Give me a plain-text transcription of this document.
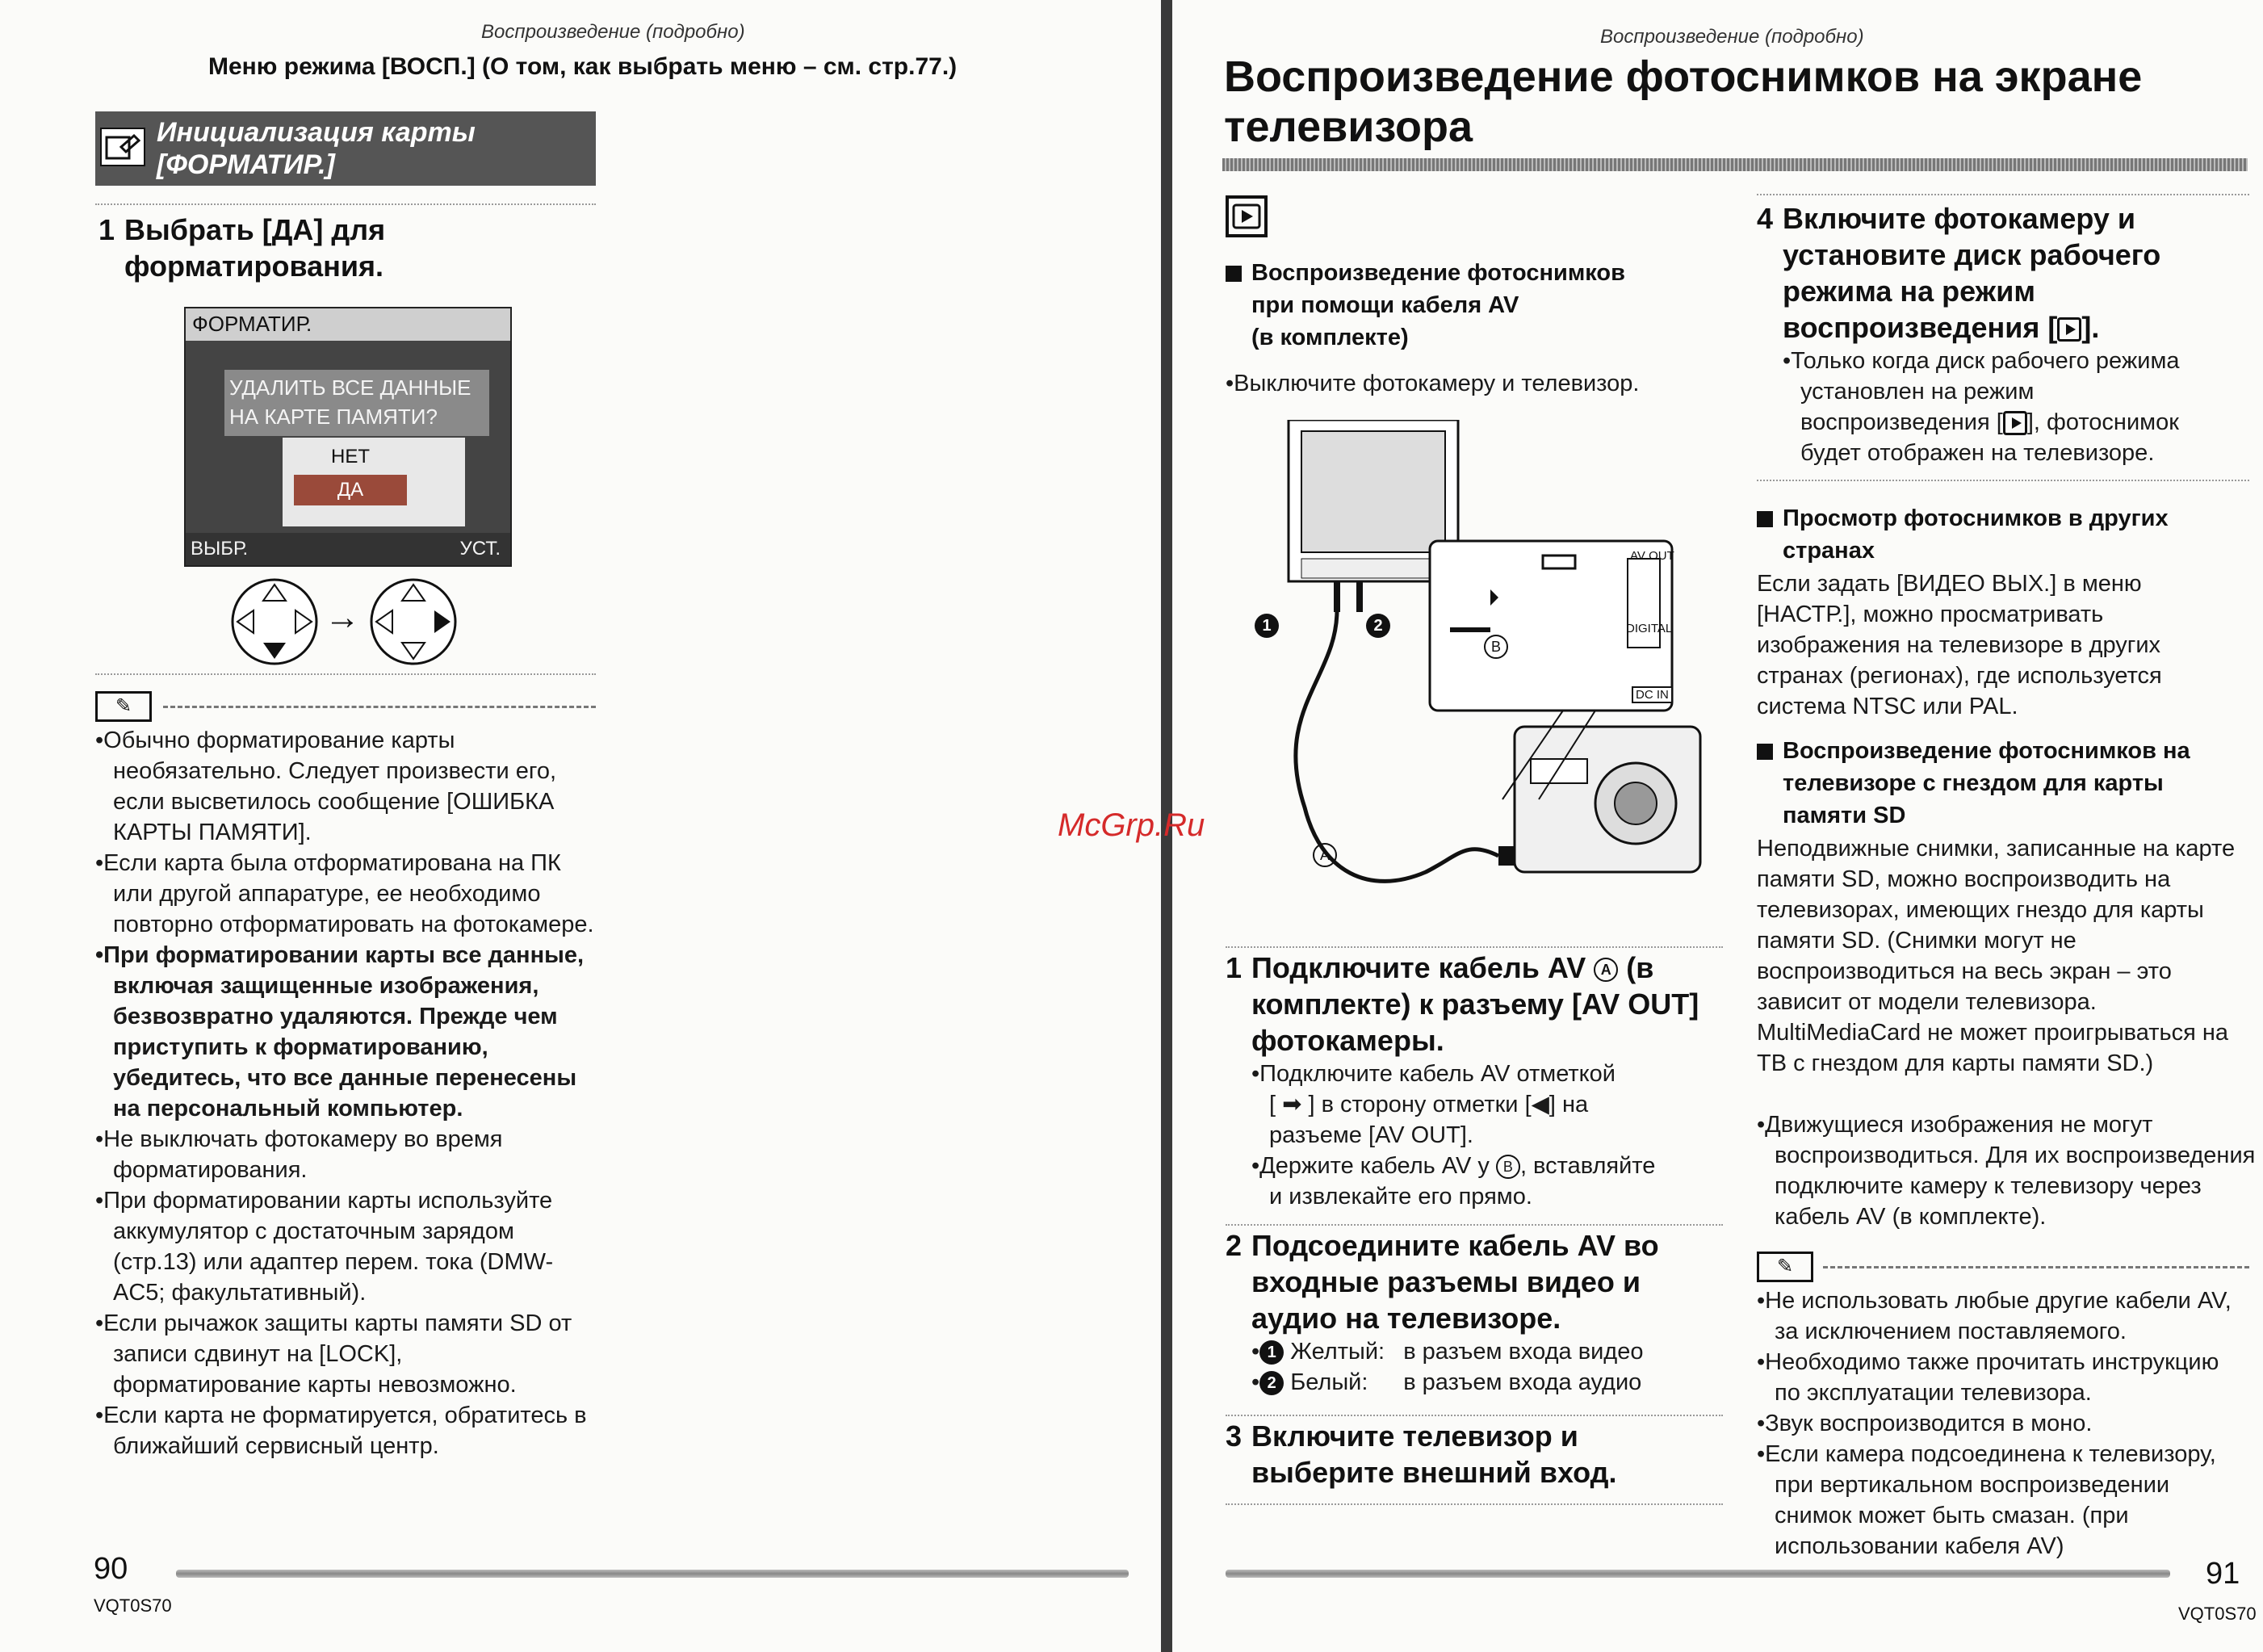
Воспроизведение (подробно)
Меню режима [ВОСП.] (О том, как выбрать меню – см. стр.77.)
Инициализация карты
[ФОРМАТИР.]
1 Выбрать [ДА] для
форматирования.
ФОРМАТИР.
УДАЛИТЬ ВСЕ ДАННЫЕ
НА КАРТЕ ПАМЯТИ?
НЕТ
ДА
ВЫБР.	УСТ.
→
✎

•Обычно форматирование карты необязательно. Следует произвести его, если высветилось сообщение [ОШИБКА КАРТЫ ПАМЯТИ].

•Если карта была отформатирована на ПК или другой аппаратуре, ее необходимо повторно отформатировать на фотокамере.

•При форматировании карты все данные, включая защищенные изображения, безвозвратно удаляются. Прежде чем приступить к форматированию, убедитесь, что все данные перенесены на персональный компьютер.

•Не выключать фотокамеру во время форматирования.

•При форматировании карты используйте аккумулятор с достаточным зарядом (стр.13) или адаптер перем. тока (DMW-AC5; факультативный).

•Если рычажок защиты карты памяти SD от записи сдвинут на [LOCK], форматирование карты невозможно.

•Если карта не форматируется, обратитесь в ближайший сервисный центр.

90
VQT0S70
Воспроизведение (подробно)
Воспроизведение фотоснимков на экране
телевизора
Воспроизведение фотоснимков
при помощи кабеля AV
(в комплекте)
•Выключите фотокамеру и телевизор.
1	2
B
A
AV OUT
DIGITAL
DC IN
1 Подключите кабель AV A (в
комплекте) к разъему [AV OUT]
фотокамеры.
•Подключите кабель AV отметкой
[ ➡ ] в сторону отметки [◀] на
разъеме [AV OUT].
•Держите кабель AV у B , вставляйте
и извлекайте его прямо.
2 Подсоедините кабель AV во
входные разъемы видео и
аудио на телевизоре.
• 1 Желтый: в разъем входа видео
• 2 Белый: в разъем входа аудио
3 Включите телевизор и
выберите внешний вход.
4 Включите фотокамеру и
установите диск рабочего
режима на режим
воспроизведения [ ].
•Только когда диск рабочего режима
установлен на режим
воспроизведения [ ], фотоснимок
будет отображен на телевизоре.
Просмотр фотоснимков в других
странах
Если задать [ВИДЕО ВЫХ.] в меню [НАСТР.], можно просматривать изображения на телевизоре в других странах (регионах), где используется система NTSC или PAL.
Воспроизведение фотоснимков на
телевизоре с гнездом для карты
памяти SD
Неподвижные снимки, записанные на карте памяти SD, можно воспроизводить на телевизорах, имеющих гнездо для карты памяти SD. (Снимки могут не воспроизводиться на весь экран – это зависит от модели телевизора. MultiMediaCard не может проигрываться на ТВ с гнездом для карты памяти SD.)
•Движущиеся изображения не могут воспроизводиться. Для их воспроизведения подключите камеру к телевизору через кабель AV (в комплекте).
✎

•Не использовать любые другие кабели AV, за исключением поставляемого.

•Необходимо также прочитать инструкцию по эксплуатации телевизора.

•Звук воспроизводится в моно.

•Если камера подсоединена к телевизору, при вертикальном воспроизведении снимок может быть смазан. (при использовании кабеля AV)

91
VQT0S70
McGrp.Ru
